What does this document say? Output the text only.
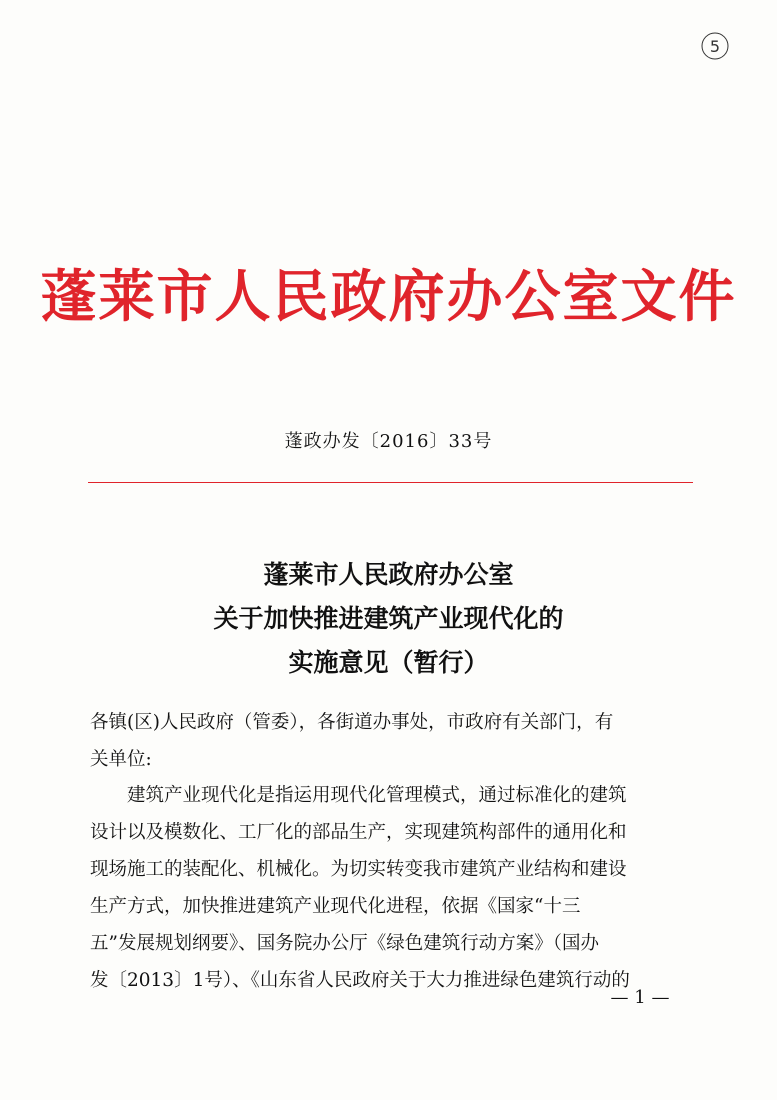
5
蓬莱市人民政府办公室文件
蓬政办发〔2016〕33号
蓬莱市人民政府办公室
关于加快推进建筑产业现代化的
实施意见（暂行）
各镇(区)人民政府（管委），各街道办事处，市政府有关部门，有
关单位:
建筑产业现代化是指运用现代化管理模式，通过标准化的建筑
设计以及模数化、工厂化的部品生产，实现建筑构部件的通用化和
现场施工的装配化、机械化。为切实转变我市建筑产业结构和建设
生产方式，加快推进建筑产业现代化进程，依据《国家“十三
五”发展规划纲要》、国务院办公厅《绿色建筑行动方案》（国办
发〔2013〕1号）、《山东省人民政府关于大力推进绿色建筑行动的
— 1 —
